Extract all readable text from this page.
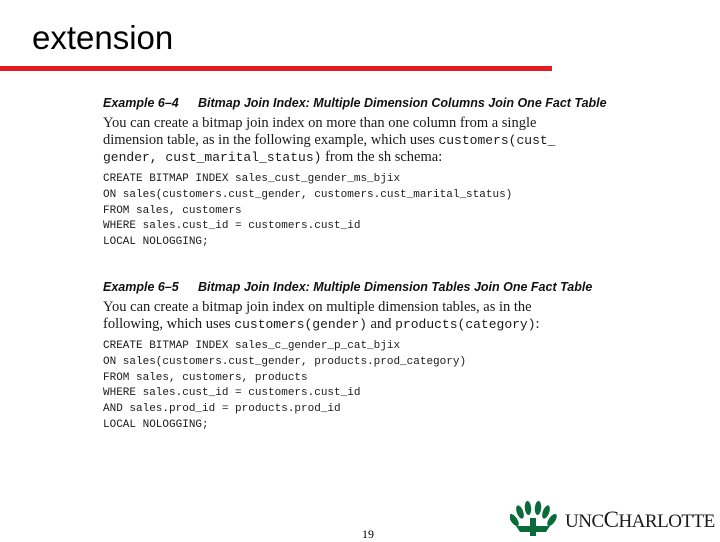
extension
Example 6–4 Bitmap Join Index: Multiple Dimension Columns Join One Fact Table
You can create a bitmap join index on more than one column from a single
dimension table, as in the following example, which uses customers(cust_
gender, cust_marital_status) from the sh schema:
CREATE BITMAP INDEX sales_cust_gender_ms_bjix
ON sales(customers.cust_gender, customers.cust_marital_status)
FROM sales, customers
WHERE sales.cust_id = customers.cust_id
LOCAL NOLOGGING;
Example 6–5 Bitmap Join Index: Multiple Dimension Tables Join One Fact Table
You can create a bitmap join index on multiple dimension tables, as in the
following, which uses customers(gender) and products(category):
CREATE BITMAP INDEX sales_c_gender_p_cat_bjix
ON sales(customers.cust_gender, products.prod_category)
FROM sales, customers, products
WHERE sales.cust_id = customers.cust_id
AND sales.prod_id = products.prod_id
LOCAL NOLOGGING;
19
UNCCHARLOTTE
